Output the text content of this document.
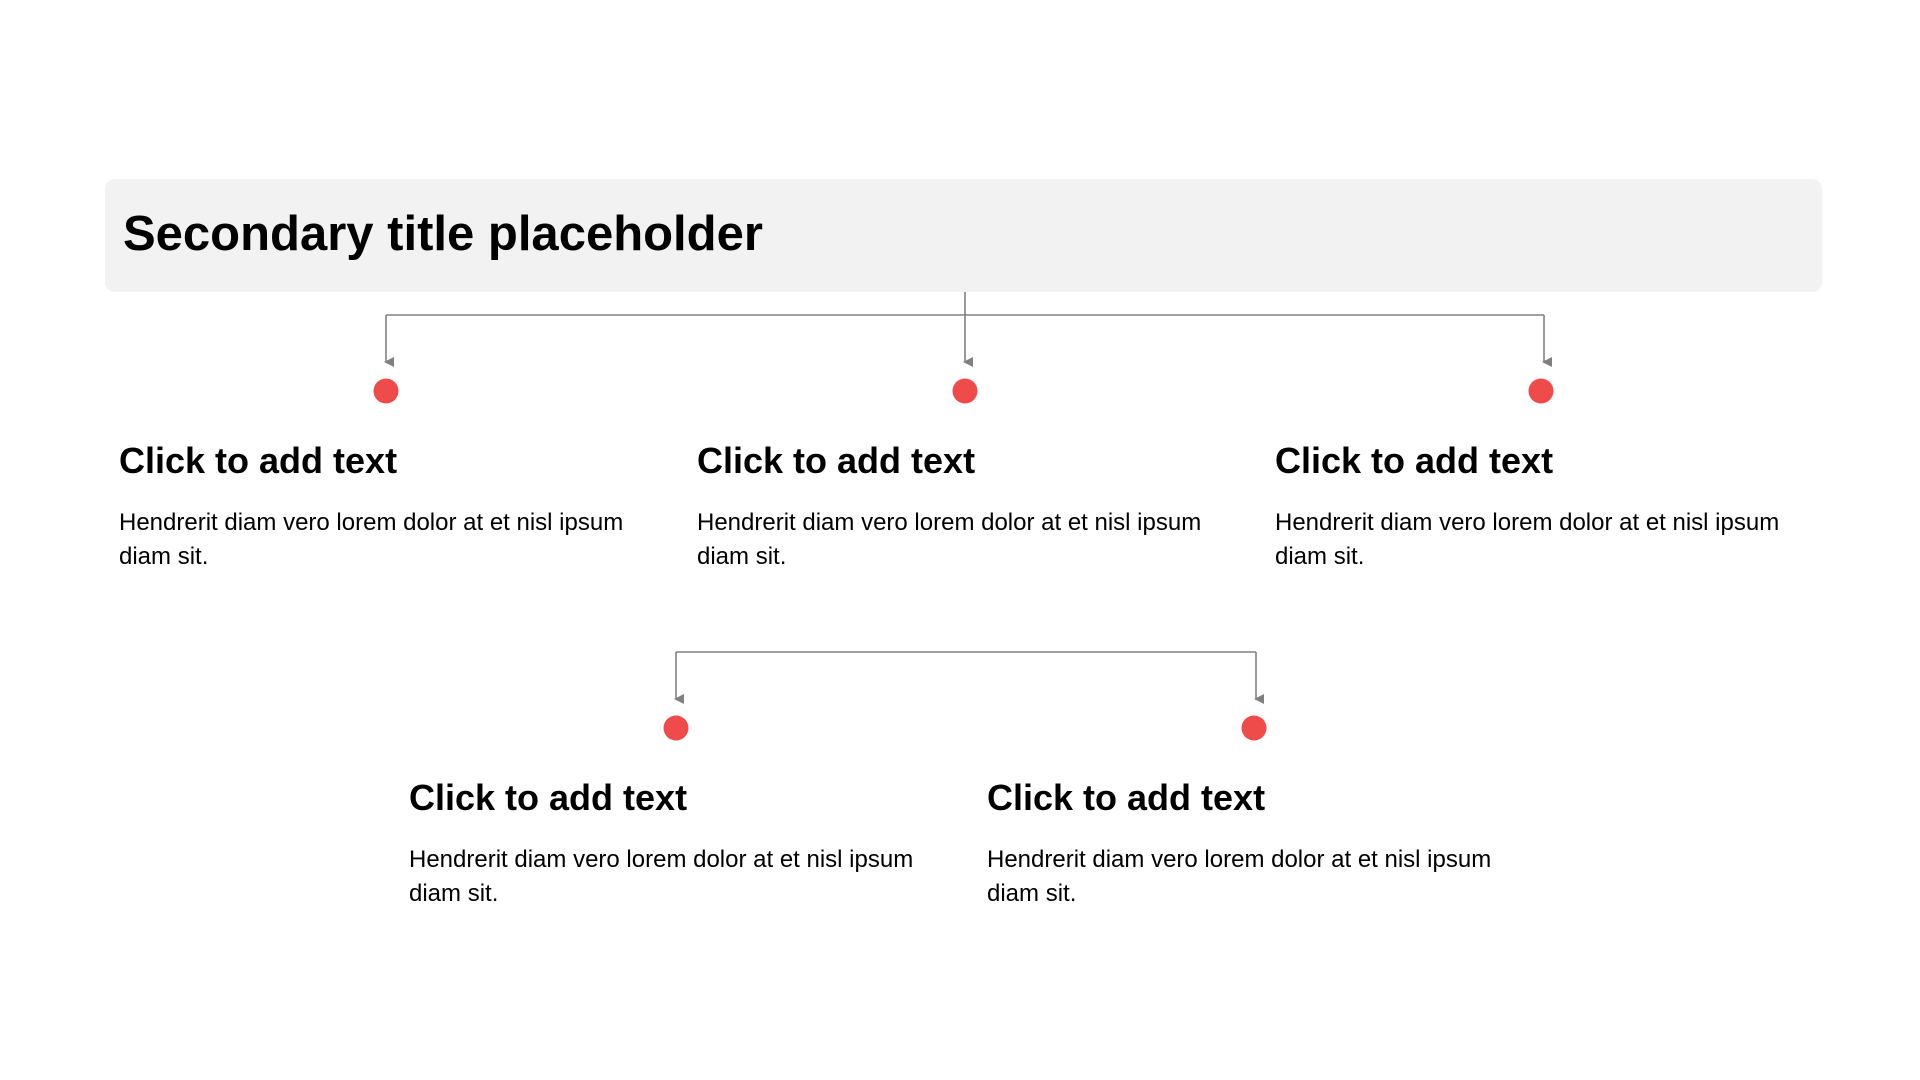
Secondary title placeholder
Click to add text

Hendrerit diam vero lorem dolor at et nisl ipsum diam sit.

Click to add text

Hendrerit diam vero lorem dolor at et nisl ipsum diam sit.

Click to add text

Hendrerit diam vero lorem dolor at et nisl ipsum diam sit.

Click to add text

Hendrerit diam vero lorem dolor at et nisl ipsum diam sit.

Click to add text

Hendrerit diam vero lorem dolor at et nisl ipsum diam sit.
